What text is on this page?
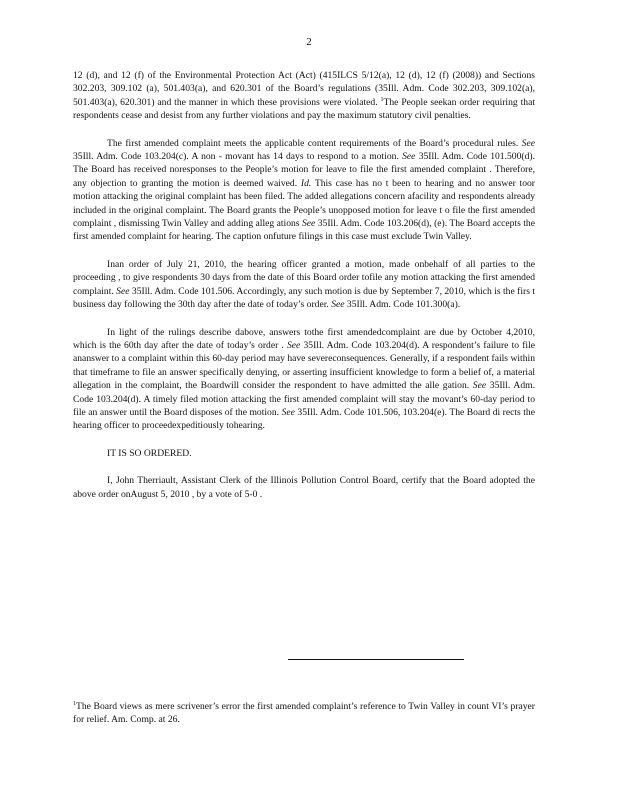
2

12 (d), and 12 (f) of the Environmental Protection Act (Act) (415ILCS 5/12(a), 12 (d), 12 (f) (2008)) and Sections 302.203, 309.102 (a), 501.403(a), and 620.301 of the Board’s regulations (35Ill. Adm. Code 302.203, 309.102(a), 501.403(a), 620.301) and the manner in which these provisions were violated. $^1$The People seekan order requiring that respondents cease and desist from any further violations and pay the maximum statutory civil penalties.

The first amended complaint meets the applicable content requirements of the Board’s procedural rules. See 35Ill. Adm. Code 103.204(c). A non - movant has 14 days to respond to a motion. See 35Ill. Adm. Code 101.500(d). The Board has received noresponses to the People’s motion for leave to file the first amended complaint . Therefore, any objection to granting the motion is deemed waived. Id. This case has no t been to hearing and no answer toor motion attacking the original complaint has been filed. The added allegations concern afacility and respondents already included in the original complaint. The Board grants the People’s unopposed motion for leave t o file the first amended complaint , dismissing Twin Valley and adding alleg ations See 35Ill. Adm. Code 103.206(d), (e). The Board accepts the first amended complaint for hearing. The caption onfuture filings in this case must exclude Twin Valley.

Inan order of July 21, 2010, the hearing officer granted a motion, made onbehalf of all parties to the proceeding , to give respondents 30 days from the date of this Board order tofile any motion attacking the first amended complaint. See 35Ill. Adm. Code 101.506. Accordingly, any such motion is due by September 7, 2010, which is the firs t business day following the 30th day after the date of today’s order. See 35Ill. Adm. Code 101.300(a).

In light of the rulings describe dabove, answers tothe first amendedcomplaint are due by October 4,2010, which is the 60th day after the date of today’s order . See 35Ill. Adm. Code 103.204(d). A respondent’s failure to file ananswer to a complaint within this 60-day period may have severeconsequences. Generally, if a respondent fails within that timeframe to file an answer specifically denying, or asserting insufficient knowledge to form a belief of, a material allegation in the complaint, the Boardwill consider the respondent to have admitted the alle gation. See 35Ill. Adm. Code 103.204(d). A timely filed motion attacking the first amended complaint will stay the movant’s 60-day period to file an answer until the Board disposes of the motion. See 35Ill. Adm. Code 101.506, 103.204(e). The Board di rects the hearing officer to proceedexpeditiously tohearing.

IT IS SO ORDERED.

I, John Therriault, Assistant Clerk of the Illinois Pollution Control Board, certify that the Board adopted the above order onAugust 5, 2010 , by a vote of 5-0 .

$^1$The Board views as mere scrivener’s error the first amended complaint’s reference to Twin Valley in count VI’s prayer for relief. Am. Comp. at 26.
